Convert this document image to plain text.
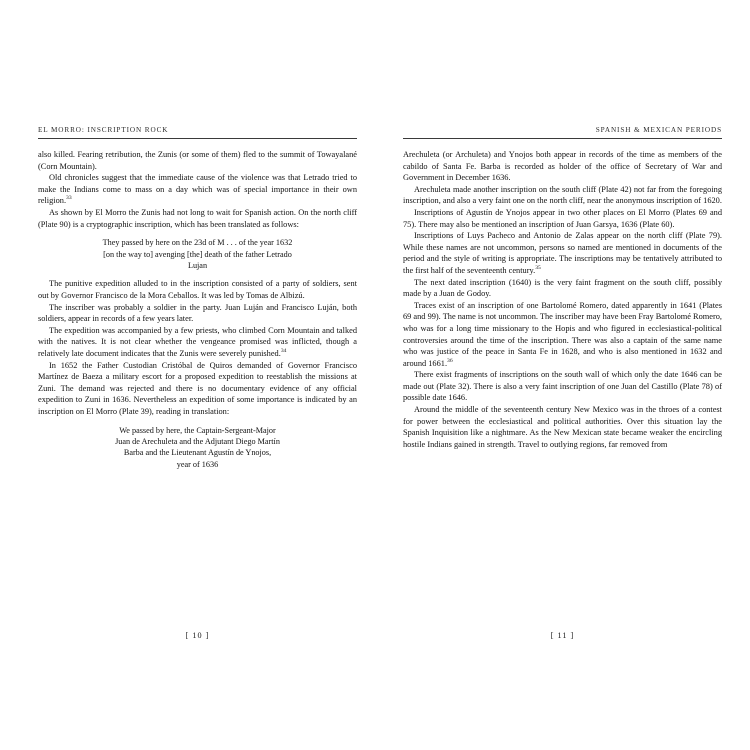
EL MORRO: INSCRIPTION ROCK

also killed. Fearing retribution, the Zunis (or some of them) fled to the summit of Towayalané (Corn Mountain).

Old chronicles suggest that the immediate cause of the violence was that Letrado tried to make the Indians come to mass on a day which was of special importance in their own religion.$^{33}$

As shown by El Morro the Zunis had not long to wait for Spanish action. On the north cliff (Plate 90) is a cryptographic inscription, which has been translated as follows:

They passed by here on the 23d of M . . . of the year 1632
[on the way to] avenging [the] death of the father Letrado
Lujan

The punitive expedition alluded to in the inscription consisted of a party of soldiers, sent out by Governor Francisco de la Mora Ceballos. It was led by Tomas de Albizú.

The inscriber was probably a soldier in the party. Juan Luján and Francisco Luján, both soldiers, appear in records of a few years later.

The expedition was accompanied by a few priests, who climbed Corn Mountain and talked with the natives. It is not clear whether the vengeance promised was inflicted, though a relatively late document indicates that the Zunis were severely punished.$^{34}$

In 1652 the Father Custodian Cristóbal de Quiros demanded of Governor Francisco Martínez de Baeza a military escort for a proposed expedition to reestablish the missions at Zuni. The demand was rejected and there is no documentary evidence of any official expedition to Zuni in 1636. Nevertheless an expedition of some importance is indicated by an inscription on El Morro (Plate 39), reading in translation:

We passed by here, the Captain-Sergeant-Major
Juan de Arechuleta and the Adjutant Diego Martín
Barba and the Lieutenant Agustín de Ynojos,
year of 1636
[ 10 ]
SPANISH & MEXICAN PERIODS

Arechuleta (or Archuleta) and Ynojos both appear in records of the time as members of the cabildo of Santa Fe. Barba is recorded as holder of the office of Secretary of War and Government in December 1636.

Arechuleta made another inscription on the south cliff (Plate 42) not far from the foregoing inscription, and also a very faint one on the north cliff, near the anonymous inscription of 1620.

Inscriptions of Agustín de Ynojos appear in two other places on El Morro (Plates 69 and 75). There may also be mentioned an inscription of Juan Garsya, 1636 (Plate 60).

Inscriptions of Luys Pacheco and Antonio de Zalas appear on the north cliff (Plate 79). While these names are not uncommon, persons so named are mentioned in documents of the period and the style of writing is appropriate. The inscriptions may be tentatively attributed to the first half of the seventeenth century.$^{35}$

The next dated inscription (1640) is the very faint fragment on the south cliff, possibly made by a Juan de Godoy.

Traces exist of an inscription of one Bartolomé Romero, dated apparently in 1641 (Plates 69 and 99). The name is not uncommon. The inscriber may have been Fray Bartolomé Romero, who was for a long time missionary to the Hopis and who figured in ecclesiastical-political controversies around the time of the inscription. There was also a captain of the same name who was justice of the peace in Santa Fe in 1628, and who is also mentioned in 1632 and around 1661.36

There exist fragments of inscriptions on the south wall of which only the date 1646 can be made out (Plate 32). There is also a very faint inscription of one Juan del Castillo (Plate 78) of possible date 1646.

Around the middle of the seventeenth century New Mexico was in the throes of a contest for power between the ecclesiastical and political authorities. Over this situation lay the Spanish Inquisition like a nightmare. As the New Mexican state became weaker the encircling hostile Indians gained in strength. Travel to outlying regions, far removed from

[ 11 ]
